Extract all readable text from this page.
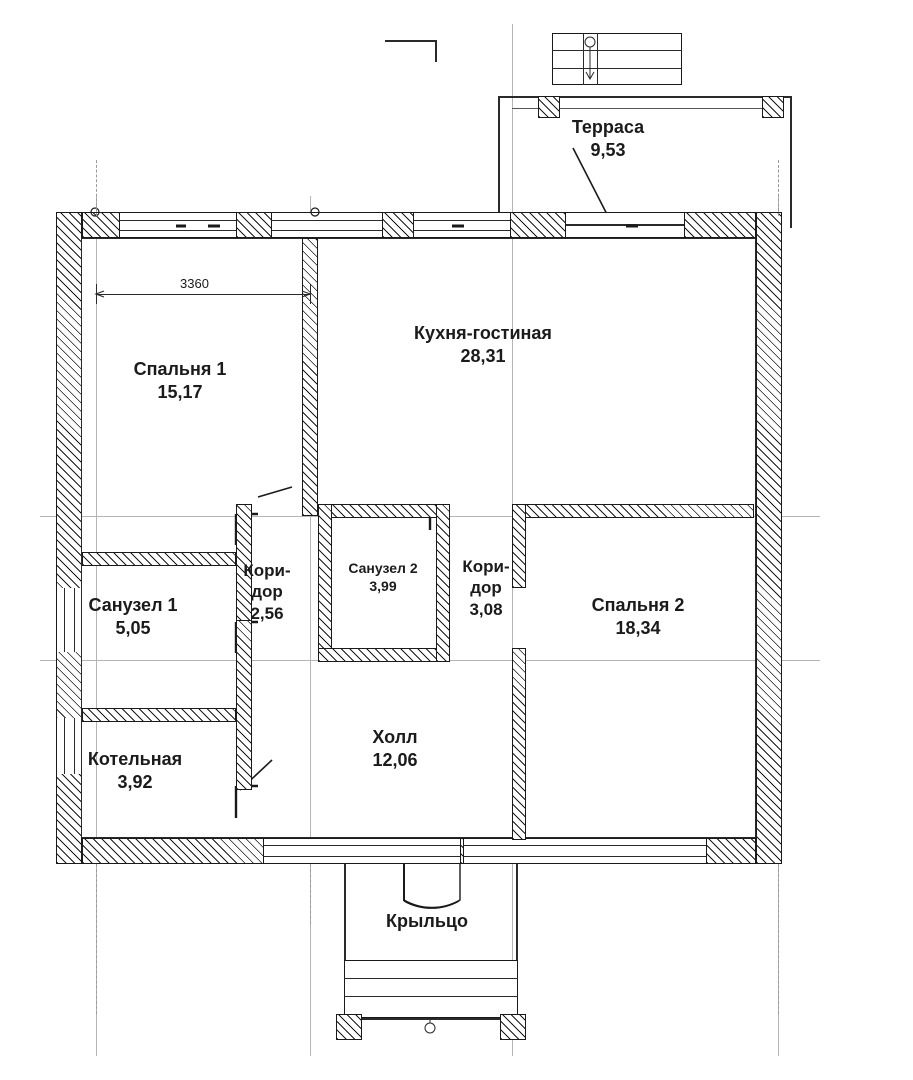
3360
Терраса
9,53
Спальня 1
15,17
Кухня-гостиная
28,31
Санузел 1
5,05
Кори-
дор
2,56
Санузел 2
3,99
Кори-
дор
3,08	Спальня 2
18,34
Котельная
3,92
Холл
12,06
Крыльцо
